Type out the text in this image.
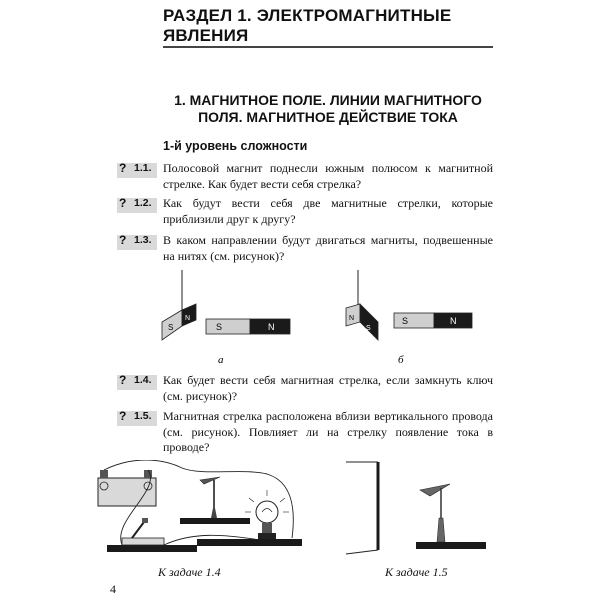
РАЗДЕЛ 1. ЭЛЕКТРОМАГНИТНЫЕ ЯВЛЕНИЯ
1. МАГНИТНОЕ ПОЛЕ. ЛИНИИ МАГНИТНОГО ПОЛЯ. МАГНИТНОЕ ДЕЙСТВИЕ ТОКА
1-й уровень сложности
? 1.1. Полосовой магнит поднесли южным полюсом к магнитной стрелке. Как будет вести себя стрелка?
? 1.2. Как будут вести себя две магнитные стрелки, которые приблизили друг к другу?
? 1.3. В каком направлении будут двигаться магниты, подвешенные на нитях (см. рисунок)?
S
N
S	N
а
N
S
S	N
б
? 1.4. Как будет вести себя магнитная стрелка, если замкнуть ключ (см. рисунок)?
? 1.5. Магнитная стрелка расположена вблизи вертикального провода (см. рисунок). Повлияет ли на стрелку появление тока в проводе?
К задаче 1.4	К задаче 1.5
4
